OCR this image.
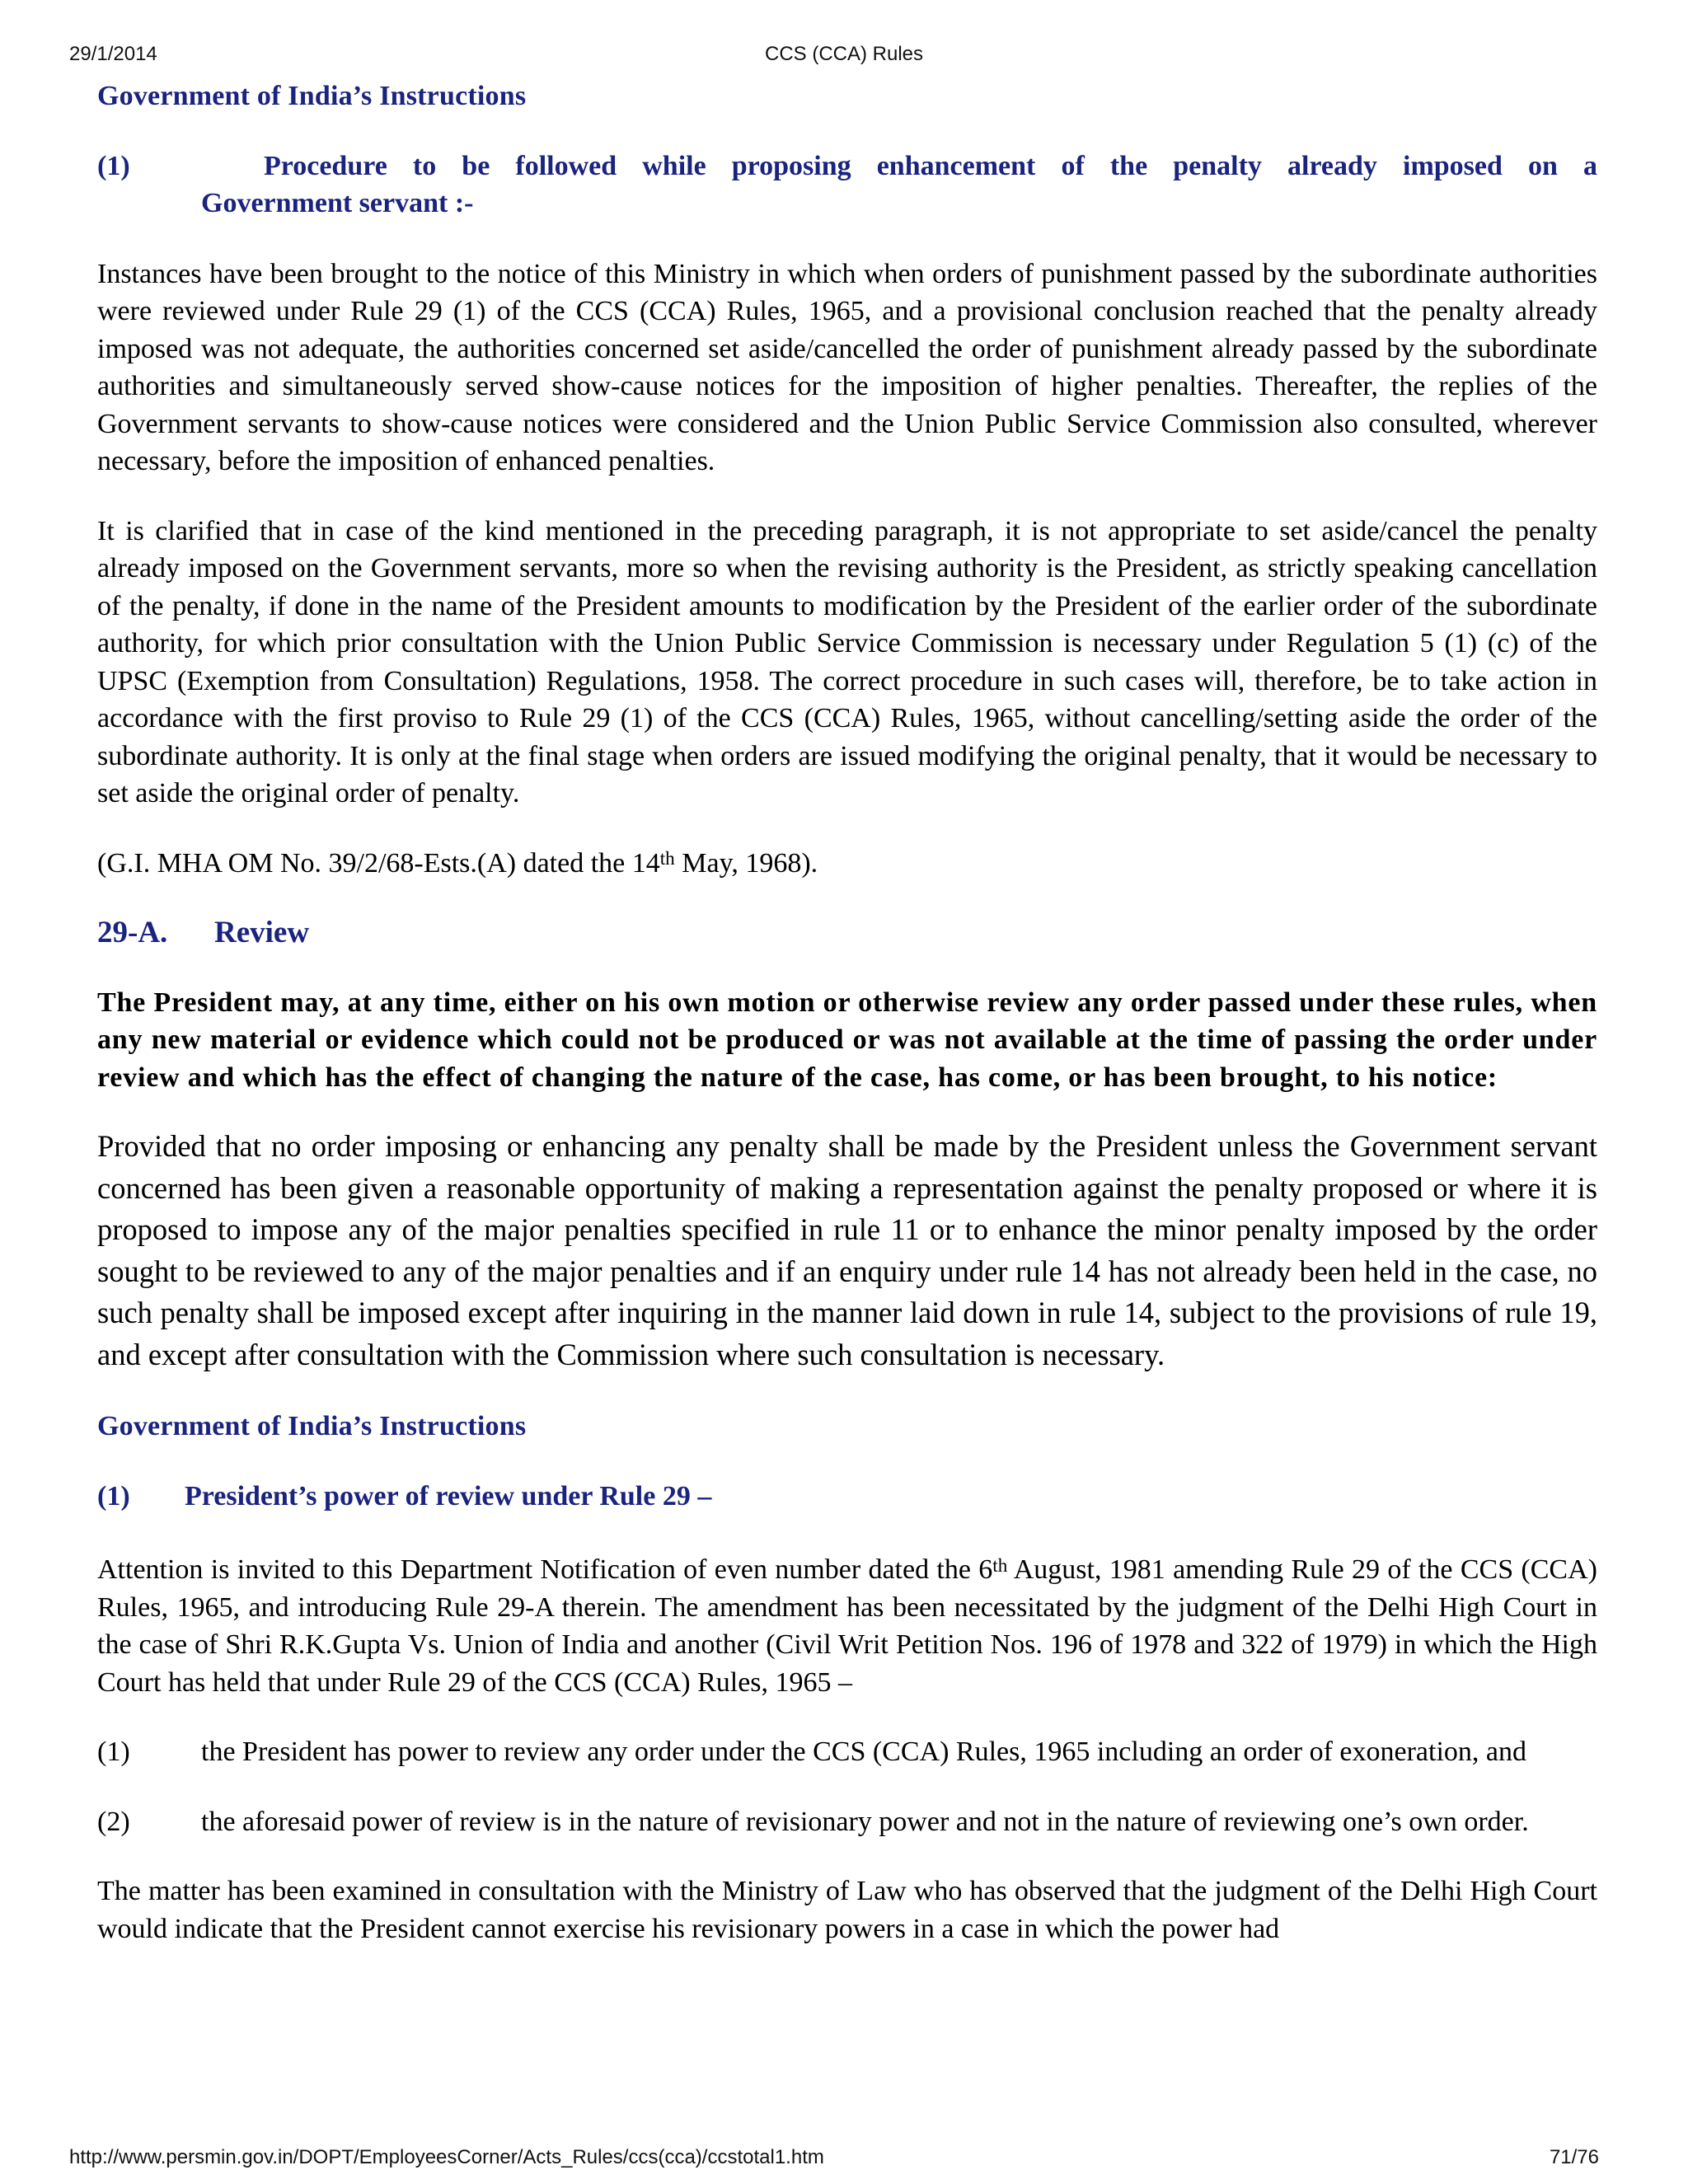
29/1/2014	CCS (CCA) Rules
Government of India’s Instructions
(1)	Procedure to be followed while proposing enhancement of the penalty already imposed on a
Government servant :-

Instances have been brought to the notice of this Ministry in which when orders of punishment passed by the subordinate authorities were reviewed under Rule 29 (1) of the CCS (CCA) Rules, 1965, and a provisional conclusion reached that the penalty already imposed was not adequate, the authorities concerned set aside/cancelled the order of punishment already passed by the subordinate authorities and simultaneously served show-cause notices for the imposition of higher penalties. Thereafter, the replies of the Government servants to show-cause notices were considered and the Union Public Service Commission also consulted, wherever necessary, before the imposition of enhanced penalties.

It is clarified that in case of the kind mentioned in the preceding paragraph, it is not appropriate to set aside/cancel the penalty already imposed on the Government servants, more so when the revising authority is the President, as strictly speaking cancellation of the penalty, if done in the name of the President amounts to modification by the President of the earlier order of the subordinate authority, for which prior consultation with the Union Public Service Commission is necessary under Regulation 5 (1) (c) of the UPSC (Exemption from Consultation) Regulations, 1958. The correct procedure in such cases will, therefore, be to take action in accordance with the first proviso to Rule 29 (1) of the CCS (CCA) Rules, 1965, without cancelling/setting aside the order of the subordinate authority. It is only at the final stage when orders are issued modifying the original penalty, that it would be necessary to set aside the original order of penalty.

(G.I. MHA OM No. 39/2/68-Ests.(A) dated the 14th May, 1968).

29-A.	Review

The President may, at any time, either on his own motion or otherwise review any order passed under these rules, when any new material or evidence which could not be produced or was not available at the time of passing the order under review and which has the effect of changing the nature of the case, has come, or has been brought, to his notice:

Provided that no order imposing or enhancing any penalty shall be made by the President unless the Government servant concerned has been given a reasonable opportunity of making a representation against the penalty proposed or where it is proposed to impose any of the major penalties specified in rule 11 or to enhance the minor penalty imposed by the order sought to be reviewed to any of the major penalties and if an enquiry under rule 14 has not already been held in the case, no such penalty shall be imposed except after inquiring in the manner laid down in rule 14, subject to the provisions of rule 19, and except after consultation with the Commission where such consultation is necessary.

Government of India’s Instructions
(1)	President’s power of review under Rule 29 –

Attention is invited to this Department Notification of even number dated the 6th August, 1981 amending Rule 29 of the CCS (CCA) Rules, 1965, and introducing Rule 29-A therein. The amendment has been necessitated by the judgment of the Delhi High Court in the case of Shri R.K.Gupta Vs. Union of India and another (Civil Writ Petition Nos. 196 of 1978 and 322 of 1979) in which the High Court has held that under Rule 29 of the CCS (CCA) Rules, 1965 –

(1)	the President has power to review any order under the CCS (CCA) Rules, 1965 including an order of exoneration, and

(2)	the aforesaid power of review is in the nature of revisionary power and not in the nature of reviewing one’s own order.

The matter has been examined in consultation with the Ministry of Law who has observed that the judgment of the Delhi High Court would indicate that the President cannot exercise his revisionary powers in a case in which the power had

http://www.persmin.gov.in/DOPT/EmployeesCorner/Acts_Rules/ccs(cca)/ccstotal1.htm	71/76
